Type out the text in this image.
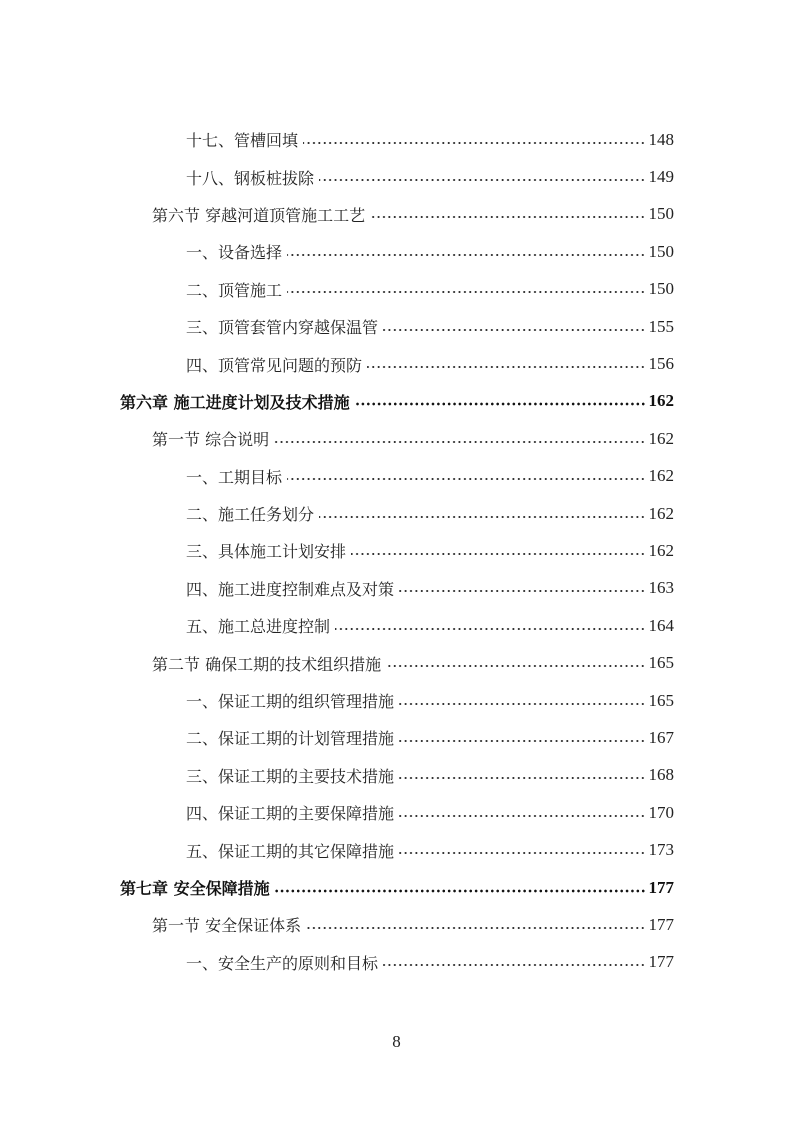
十七、管槽回填	148
十八、钢板桩拔除	149
第六节 穿越河道顶管施工工艺	150
一、设备选择	150
二、顶管施工	150
三、顶管套管内穿越保温管	155
四、顶管常见问题的预防	156
第六章 施工进度计划及技术措施	162
第一节 综合说明	162
一、工期目标	162
二、施工任务划分	162
三、具体施工计划安排	162
四、施工进度控制难点及对策	163
五、施工总进度控制	164
第二节 确保工期的技术组织措施	165
一、保证工期的组织管理措施	165
二、保证工期的计划管理措施	167
三、保证工期的主要技术措施	168
四、保证工期的主要保障措施	170
五、保证工期的其它保障措施	173
第七章 安全保障措施	177
第一节 安全保证体系	177
一、安全生产的原则和目标	177
8
